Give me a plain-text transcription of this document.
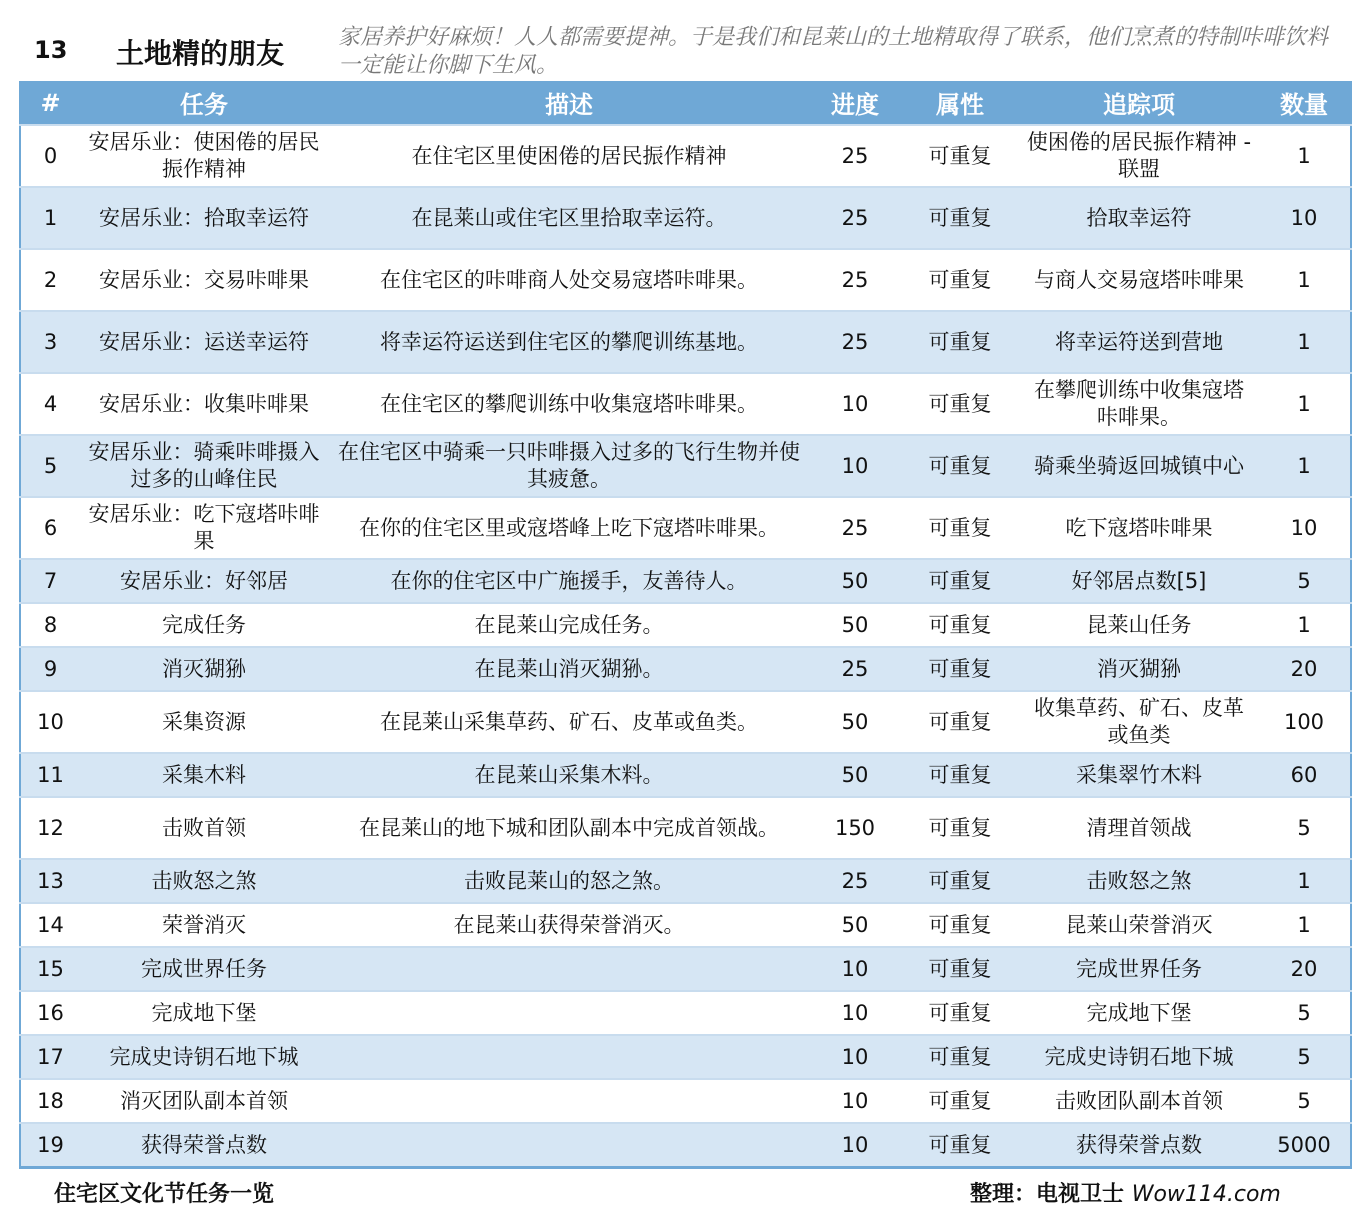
13 土地精的朋友 家居养护好麻烦！人人都需要提神。于是我们和昆莱山的土地精取得了联系，他们烹煮的特制咔啡饮料一定能让你脚下生风。
#	任务	描述	进度	属性	追踪项	数量
0	安居乐业：使困倦的居民振作精神	在住宅区里使困倦的居民振作精神	25	可重复	使困倦的居民振作精神 - 联盟	1
1	安居乐业：拾取幸运符	在昆莱山或住宅区里拾取幸运符。	25	可重复	拾取幸运符	10
2	安居乐业：交易咔啡果	在住宅区的咔啡商人处交易寇塔咔啡果。	25	可重复	与商人交易寇塔咔啡果	1
3	安居乐业：运送幸运符	将幸运符运送到住宅区的攀爬训练基地。	25	可重复	将幸运符送到营地	1
4	安居乐业：收集咔啡果	在住宅区的攀爬训练中收集寇塔咔啡果。	10	可重复	在攀爬训练中收集寇塔咔啡果。	1
5	安居乐业：骑乘咔啡摄入过多的山峰住民	在住宅区中骑乘一只咔啡摄入过多的飞行生物并使其疲惫。	10	可重复	骑乘坐骑返回城镇中心	1
6	安居乐业：吃下寇塔咔啡果	在你的住宅区里或寇塔峰上吃下寇塔咔啡果。	25	可重复	吃下寇塔咔啡果	10
7	安居乐业：好邻居	在你的住宅区中广施援手，友善待人。	50	可重复	好邻居点数[5]	5
8	完成任务	在昆莱山完成任务。	50	可重复	昆莱山任务	1
9	消灭猢狲	在昆莱山消灭猢狲。	25	可重复	消灭猢狲	20
10	采集资源	在昆莱山采集草药、矿石、皮革或鱼类。	50	可重复	收集草药、矿石、皮革或鱼类	100
11	采集木料	在昆莱山采集木料。	50	可重复	采集翠竹木料	60
12	击败首领	在昆莱山的地下城和团队副本中完成首领战。	150	可重复	清理首领战	5
13	击败怒之煞	击败昆莱山的怒之煞。	25	可重复	击败怒之煞	1
14	荣誉消灭	在昆莱山获得荣誉消灭。	50	可重复	昆莱山荣誉消灭	1
15	完成世界任务		10	可重复	完成世界任务	20
16	完成地下堡		10	可重复	完成地下堡	5
17	完成史诗钥石地下城		10	可重复	完成史诗钥石地下城	5
18	消灭团队副本首领		10	可重复	击败团队副本首领	5
19	获得荣誉点数		10	可重复	获得荣誉点数	5000
住宅区文化节任务一览	整理：电视卫士 Wow114.com
